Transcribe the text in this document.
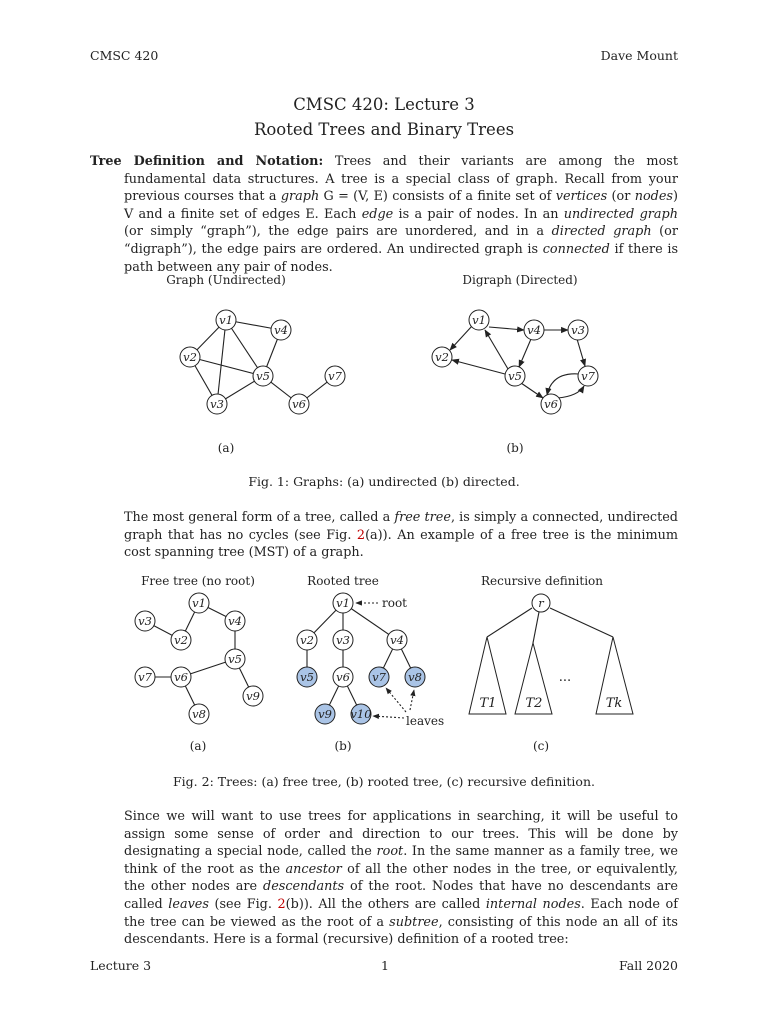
CMSC 420	Dave Mount
CMSC 420: Lecture 3
Rooted Trees and Binary Trees
Tree Definition and Notation: Trees and their variants are among the most fundamental data structures. A tree is a special class of graph. Recall from your previous courses that a graph G = (V, E) consists of a finite set of vertices (or nodes) V and a finite set of edges E. Each edge is a pair of nodes. In an undirected graph (or simply “graph”), the edge pairs are unordered, and in a directed graph (or “digraph”), the edge pairs are ordered. An undirected graph is connected if there is path between any pair of nodes.
Graph (Undirected)	Digraph (Directed)
v1
v2
v3
v4
v5
v6
v7
v1
v2
v3
v4
v5
v6
v7
(a)	(b)
Fig. 1: Graphs: (a) undirected (b) directed.
The most general form of a tree, called a free tree, is simply a connected, undirected graph that has no cycles (see Fig. 2(a)). An example of a free tree is the minimum cost spanning tree (MST) of a graph.
Free tree (no root)	Rooted tree	Recursive definition
v1
v2
v3	v4
v5
v6
v7
v8
v9
v1
v2 v3	v4
v5 v6 v7 v8
v9 v10
root
leaves
r
T1 T2	Tk
...
(a)	(b)	(c)
Fig. 2: Trees: (a) free tree, (b) rooted tree, (c) recursive definition.
Since we will want to use trees for applications in searching, it will be useful to assign some sense of order and direction to our trees. This will be done by designating a special node, called the root. In the same manner as a family tree, we think of the root as the ancestor of all the other nodes in the tree, or equivalently, the other nodes are descendants of the root. Nodes that have no descendants are called leaves (see Fig. 2(b)). All the others are called internal nodes. Each node of the tree can be viewed as the root of a subtree, consisting of this node an all of its descendants. Here is a formal (recursive) definition of a rooted tree:
Lecture 3	1	Fall 2020
